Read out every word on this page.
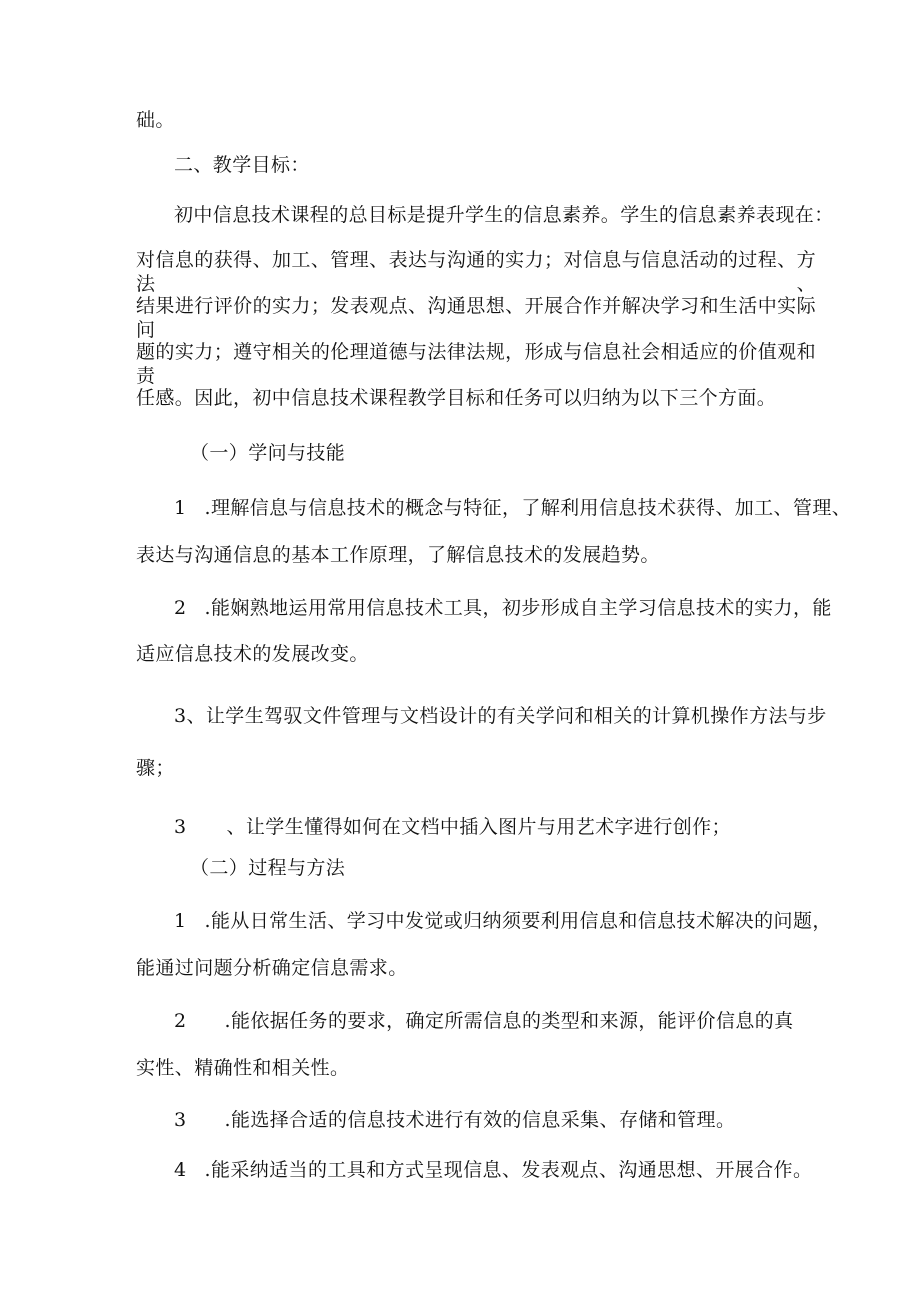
础。
二、教学目标：
初中信息技术课程的总目标是提升学生的信息素养。学生的信息素养表现在：
对信息的获得、加工、管理、表达与沟通的实力；对信息与信息活动的过程、方法、
结果进行评价的实力；发表观点、沟通思想、开展合作并解决学习和生活中实际问
题的实力；遵守相关的伦理道德与法律法规，形成与信息社会相适应的价值观和责
任感。因此，初中信息技术课程教学目标和任务可以归纳为以下三个方面。
（一）学问与技能
1 .理解信息与信息技术的概念与特征，了解利用信息技术获得、加工、管理、
表达与沟通信息的基本工作原理，了解信息技术的发展趋势。
2 .能娴熟地运用常用信息技术工具，初步形成自主学习信息技术的实力，能
适应信息技术的发展改变。
3、让学生驾驭文件管理与文档设计的有关学问和相关的计算机操作方法与步
骤；
3 、让学生懂得如何在文档中插入图片与用艺术字进行创作；
（二）过程与方法
1 .能从日常生活、学习中发觉或归纳须要利用信息和信息技术解决的问题，
能通过问题分析确定信息需求。
2 .能依据任务的要求，确定所需信息的类型和来源，能评价信息的真
实性、精确性和相关性。
3 .能选择合适的信息技术进行有效的信息采集、存储和管理。
4 .能采纳适当的工具和方式呈现信息、发表观点、沟通思想、开展合作。
